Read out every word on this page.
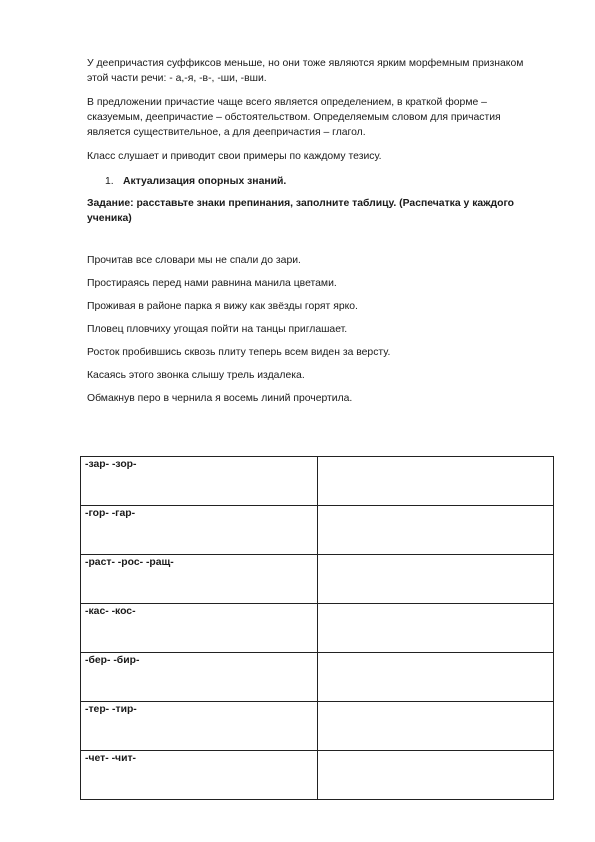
У деепричастия суффиксов меньше, но они тоже являются ярким морфемным признаком этой части речи: - а,-я, -в-, -ши, -вши.

В предложении причастие чаще всего является определением, в краткой форме – сказуемым, деепричастие – обстоятельством. Определяемым словом для причастия является существительное, а для деепричастия – глагол.

Класс слушает и приводит свои примеры по каждому тезису.

1. Актуализация опорных знаний.

Задание: расставьте знаки препинания, заполните таблицу. (Распечатка у каждого ученика)

Прочитав все словари мы не спали до зари.

Простираясь перед нами равнина манила цветами.

Проживая в районе парка я вижу как звёзды горят ярко.

Пловец пловчиху угощая пойти на танцы приглашает.

Росток пробившись сквозь плиту теперь всем виден за версту.

Касаясь этого звонка слышу трель издалека.

Обмакнув перо в чернила я восемь линий прочертила.

-зар- -зор-	
-гор- -гар-	
-раст- -рос- -ращ-	
-кас- -кос-	
-бер- -бир-	
-тер- -тир-	
-чет- -чит-	
